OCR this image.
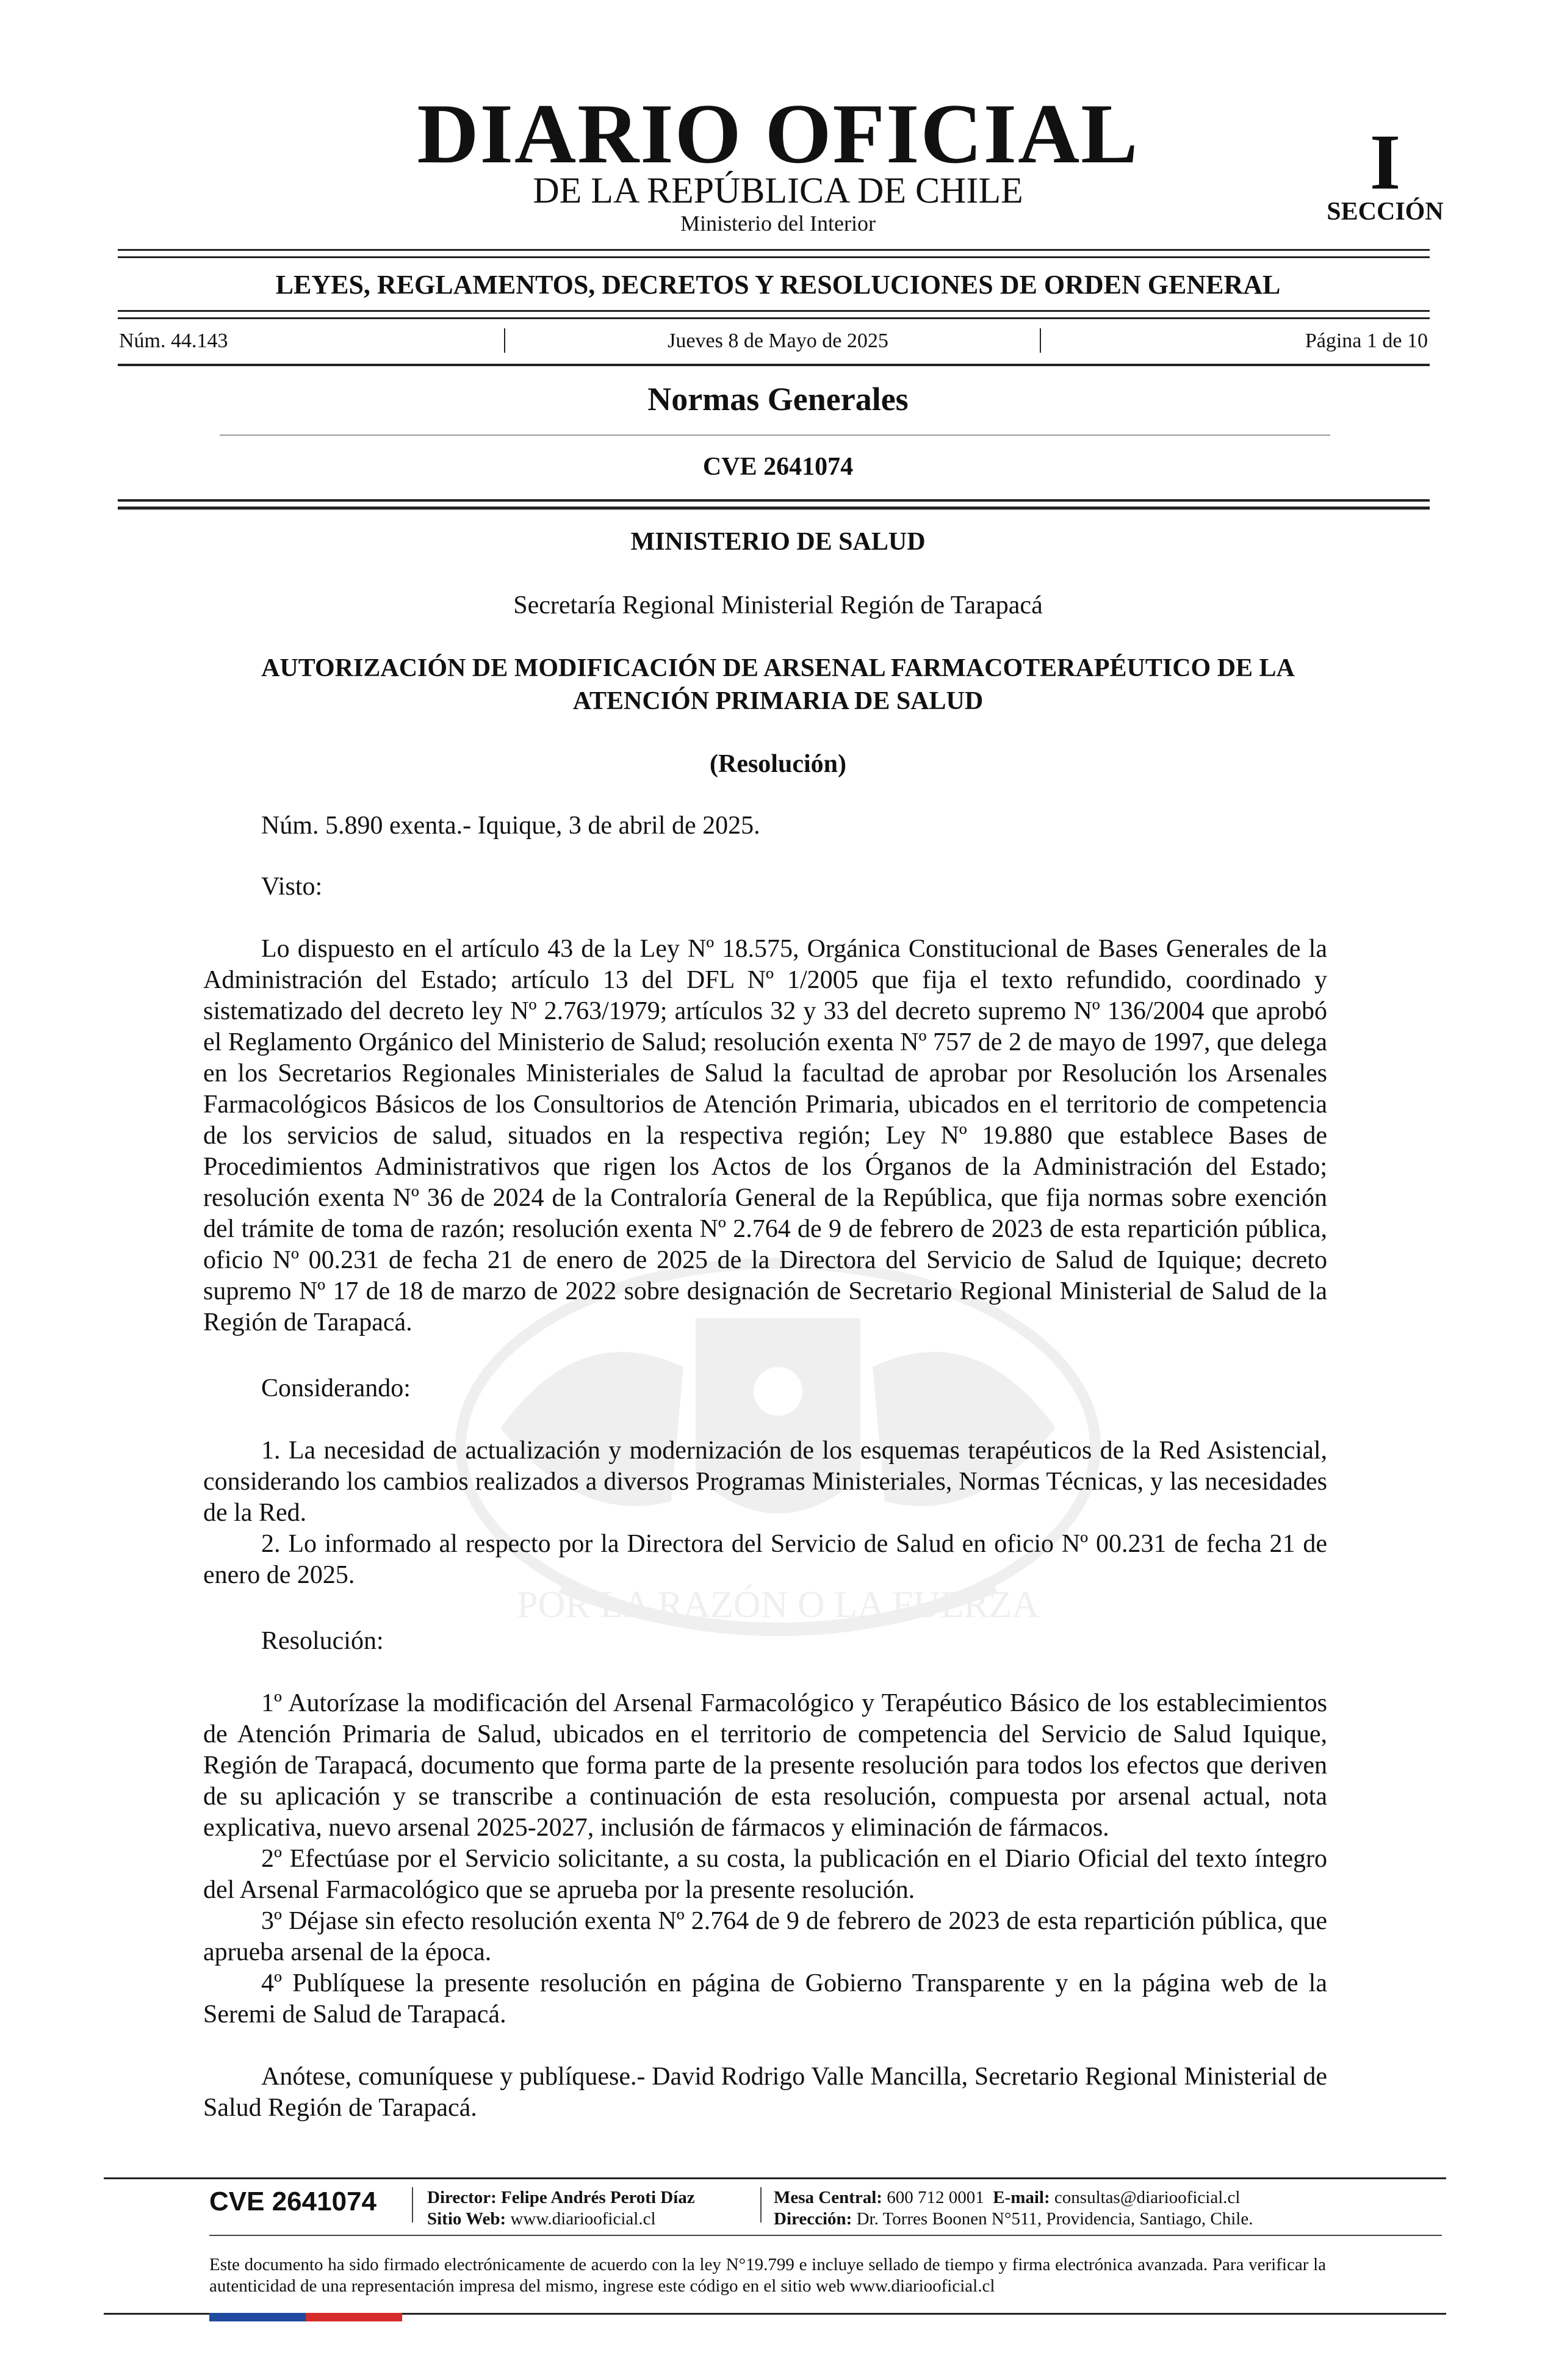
POR LA RAZÓN O LA FUERZA
DIARIO OFICIAL
DE LA REPÚBLICA DE CHILE
Ministerio del Interior
I
SECCIÓN
LEYES, REGLAMENTOS, DECRETOS Y RESOLUCIONES DE ORDEN GENERAL
Núm. 44.143	Jueves 8 de Mayo de 2025	Página 1 de 10
Normas Generales
CVE 2641074
MINISTERIO DE SALUD
Secretaría Regional Ministerial Región de Tarapacá
AUTORIZACIÓN DE MODIFICACIÓN DE ARSENAL FARMACOTERAPÉUTICO DE LA ATENCIÓN PRIMARIA DE SALUD
(Resolución)
Núm. 5.890 exenta.- Iquique, 3 de abril de 2025.
Visto:
Lo dispuesto en el artículo 43 de la Ley Nº 18.575, Orgánica Constitucional de Bases Generales de la Administración del Estado; artículo 13 del DFL Nº 1/2005 que fija el texto refundido, coordinado y sistematizado del decreto ley Nº 2.763/1979; artículos 32 y 33 del decreto supremo Nº 136/2004 que aprobó el Reglamento Orgánico del Ministerio de Salud; resolución exenta Nº 757 de 2 de mayo de 1997, que delega en los Secretarios Regionales Ministeriales de Salud la facultad de aprobar por Resolución los Arsenales Farmacológicos Básicos de los Consultorios de Atención Primaria, ubicados en el territorio de competencia de los servicios de salud, situados en la respectiva región; Ley Nº 19.880 que establece Bases de Procedimientos Administrativos que rigen los Actos de los Órganos de la Administración del Estado; resolución exenta Nº 36 de 2024 de la Contraloría General de la República, que fija normas sobre exención del trámite de toma de razón; resolución exenta Nº 2.764 de 9 de febrero de 2023 de esta repartición pública, oficio Nº 00.231 de fecha 21 de enero de 2025 de la Directora del Servicio de Salud de Iquique; decreto supremo Nº 17 de 18 de marzo de 2022 sobre designación de Secretario Regional Ministerial de Salud de la Región de Tarapacá.
Considerando:
1. La necesidad de actualización y modernización de los esquemas terapéuticos de la Red Asistencial, considerando los cambios realizados a diversos Programas Ministeriales, Normas Técnicas, y las necesidades de la Red.
2. Lo informado al respecto por la Directora del Servicio de Salud en oficio Nº 00.231 de fecha 21 de enero de 2025.
Resolución:
1º Autorízase la modificación del Arsenal Farmacológico y Terapéutico Básico de los establecimientos de Atención Primaria de Salud, ubicados en el territorio de competencia del Servicio de Salud Iquique, Región de Tarapacá, documento que forma parte de la presente resolución para todos los efectos que deriven de su aplicación y se transcribe a continuación de esta resolución, compuesta por arsenal actual, nota explicativa, nuevo arsenal 2025-2027, inclusión de fármacos y eliminación de fármacos.
2º Efectúase por el Servicio solicitante, a su costa, la publicación en el Diario Oficial del texto íntegro del Arsenal Farmacológico que se aprueba por la presente resolución.
3º Déjase sin efecto resolución exenta Nº 2.764 de 9 de febrero de 2023 de esta repartición pública, que aprueba arsenal de la época.
4º Publíquese la presente resolución en página de Gobierno Transparente y en la página web de la Seremi de Salud de Tarapacá.
Anótese, comuníquese y publíquese.- David Rodrigo Valle Mancilla, Secretario Regional Ministerial de Salud Región de Tarapacá.
CVE 2641074	Director: Felipe Andrés Peroti Díaz
Sitio Web: www.diariooficial.cl
Mesa Central: 600 712 0001 E-mail: consultas@diariooficial.cl
Dirección: Dr. Torres Boonen N°511, Providencia, Santiago, Chile.
Este documento ha sido firmado electrónicamente de acuerdo con la ley N°19.799 e incluye sellado de tiempo y firma electrónica avanzada. Para verificar la autenticidad de una representación impresa del mismo, ingrese este código en el sitio web www.diariooficial.cl
